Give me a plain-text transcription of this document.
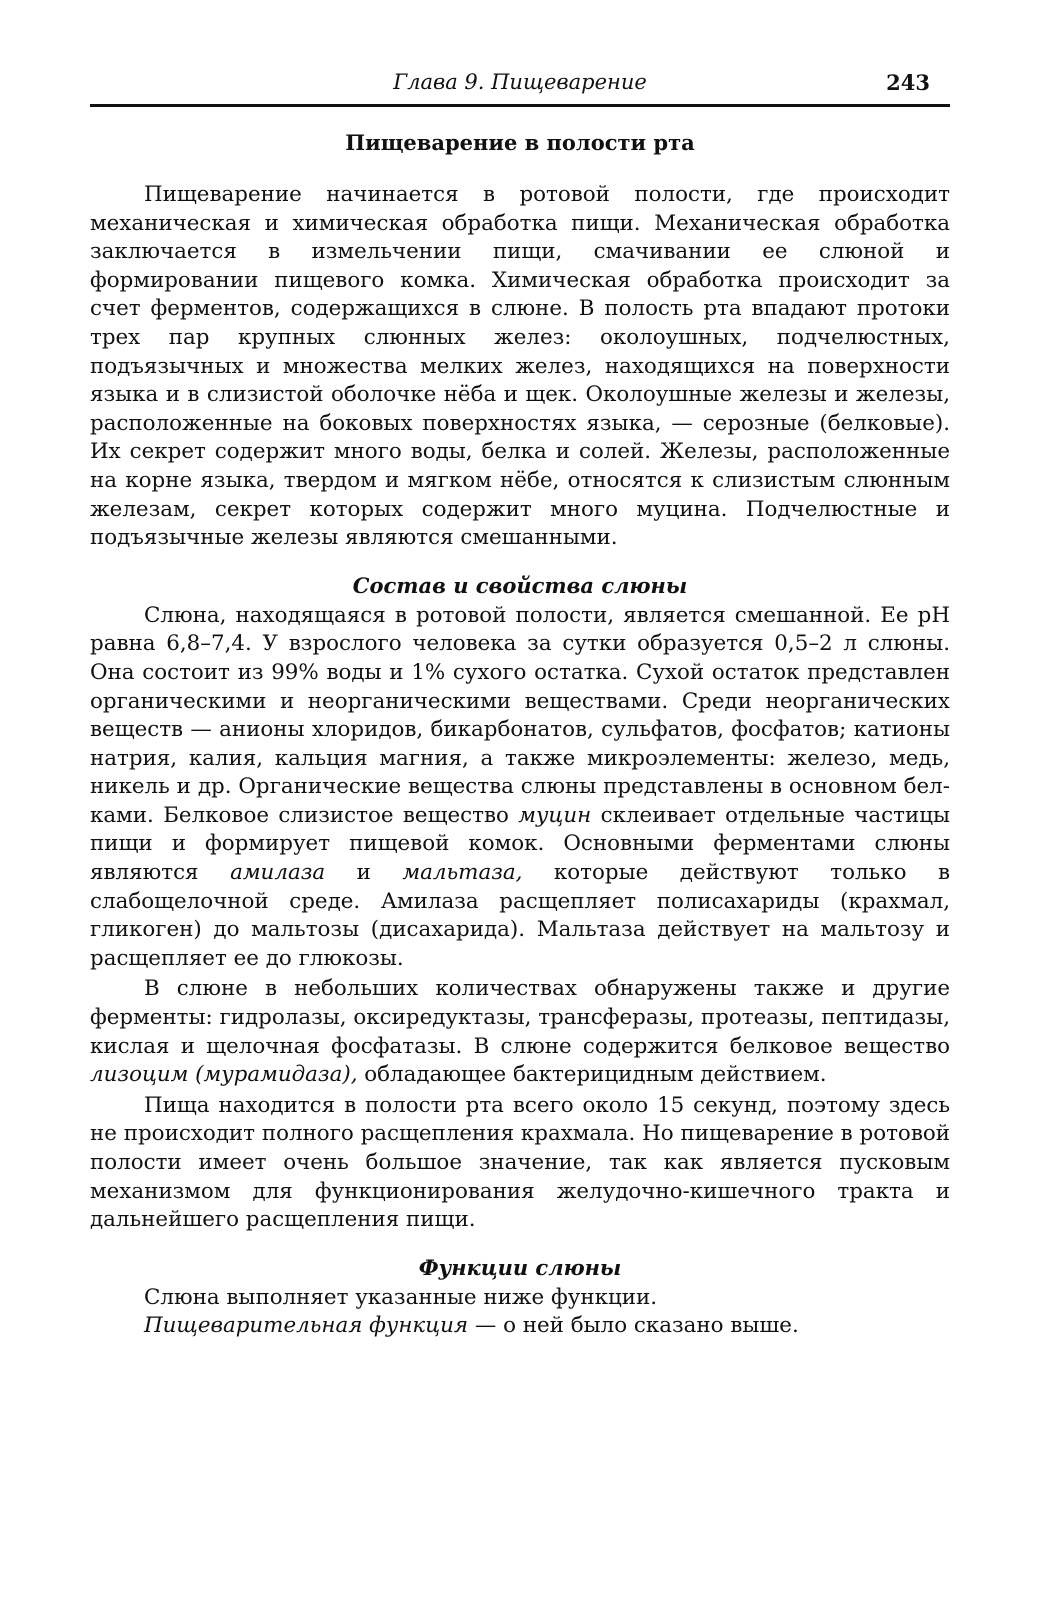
Глава 9. Пищеварение	243
Пищеварение в полости рта

Пищеварение начинается в ротовой полости, где происходит механическая и химическая обработка пищи. Механическая обработка заключается в измельчении пищи, смачивании ее слюной и формировании пищевого комка. Химическая обработка происходит за счет ферментов, содержащихся в слюне. В полость рта впадают протоки трех пар крупных слюнных желез: околоушных, подчелюстных, подъязычных и множества мелких желез, находящихся на поверхности языка и в слизистой оболочке нёба и щек. Околоушные железы и железы, расположенные на боковых поверхностях языка, — серозные (белковые). Их секрет содержит много воды, белка и солей. Железы, расположенные на корне языка, твердом и мягком нёбе, относятся к слизистым слюнным железам, секрет которых содержит много муцина. Подчелюстные и подъязычные железы являются смешанными.

Состав и свойства слюны

Слюна, находящаяся в ротовой полости, является смешанной. Ее pH равна 6,8–7,4. У взрослого человека за сутки образуется 0,5–2 л слюны. Она состоит из 99% воды и 1% сухого остатка. Сухой остаток представлен органическими и неорганическими веществами. Среди неорганических веществ — анионы хлоридов, бикарбонатов, сульфатов, фосфатов; катионы натрия, калия, кальция магния, а также микроэлементы: железо, медь, никель и др. Органические вещества слюны представлены в основном белками. Белковое слизистое вещество муцин склеивает отдельные частицы пищи и формирует пищевой комок. Основными ферментами слюны являются амилаза и мальтаза, которые действуют только в слабощелочной среде. Амилаза расщепляет полисахариды (крахмал, гликоген) до мальтозы (дисахарида). Мальтаза действует на мальтозу и расщепляет ее до глюкозы.

В слюне в небольших количествах обнаружены также и другие ферменты: гидролазы, оксиредуктазы, трансферазы, протеазы, пептидазы, кислая и щелочная фосфатазы. В слюне содержится белковое вещество лизоцим (мурамидаза), обладающее бактерицидным действием.

Пища находится в полости рта всего около 15 секунд, поэтому здесь не происходит полного расщепления крахмала. Но пищеварение в ротовой полости имеет очень большое значение, так как является пусковым механизмом для функционирования желудочно-кишечного тракта и дальнейшего расщепления пищи.

Функции слюны

Слюна выполняет указанные ниже функции.

Пищеварительная функция — о ней было сказано выше.
